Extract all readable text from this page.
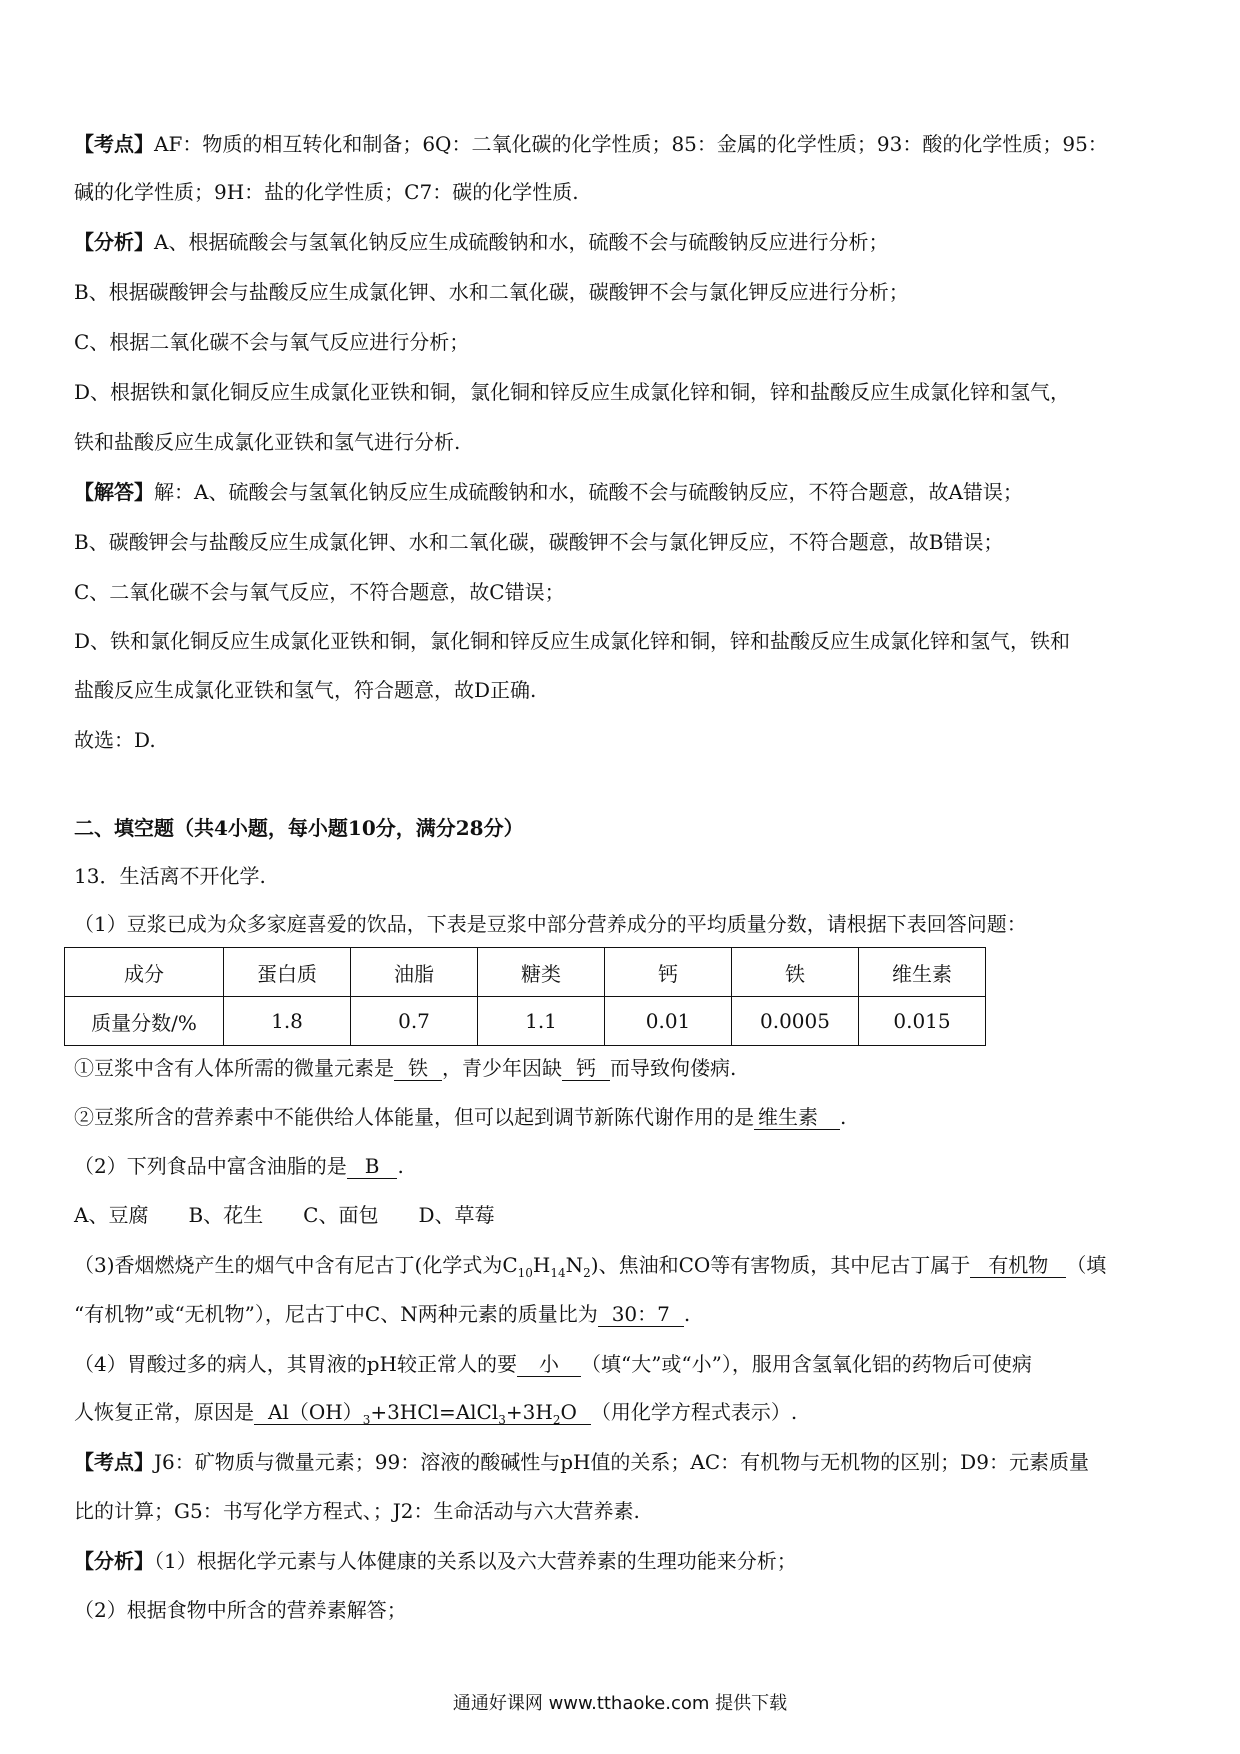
【考点】AF：物质的相互转化和制备；6Q：二氧化碳的化学性质；85：金属的化学性质；93：酸的化学性质；95：
碱的化学性质；9H：盐的化学性质；C7：碳的化学性质.
【分析】A、根据硫酸会与氢氧化钠反应生成硫酸钠和水，硫酸不会与硫酸钠反应进行分析；
B、根据碳酸钾会与盐酸反应生成氯化钾、水和二氧化碳，碳酸钾不会与氯化钾反应进行分析；
C、根据二氧化碳不会与氧气反应进行分析；
D、根据铁和氯化铜反应生成氯化亚铁和铜，氯化铜和锌反应生成氯化锌和铜，锌和盐酸反应生成氯化锌和氢气，
铁和盐酸反应生成氯化亚铁和氢气进行分析.
【解答】解：A、硫酸会与氢氧化钠反应生成硫酸钠和水，硫酸不会与硫酸钠反应，不符合题意，故A错误；
B、碳酸钾会与盐酸反应生成氯化钾、水和二氧化碳，碳酸钾不会与氯化钾反应，不符合题意，故B错误；
C、二氧化碳不会与氧气反应，不符合题意，故C错误；
D、铁和氯化铜反应生成氯化亚铁和铜，氯化铜和锌反应生成氯化锌和铜，锌和盐酸反应生成氯化锌和氢气，铁和
盐酸反应生成氯化亚铁和氢气，符合题意，故D正确.
故选：D.
二、填空题（共4小题，每小题10分，满分28分）
13．生活离不开化学.
（1）豆浆已成为众多家庭喜爱的饮品，下表是豆浆中部分营养成分的平均质量分数，请根据下表回答问题：
成分	蛋白质	油脂	糖类	钙	铁	维生素
质量分数/%	1.8	0.7	1.1	0.01	0.0005	0.015
①豆浆中含有人体所需的微量元素是 铁 ，青少年因缺 钙 而导致佝偻病.
②豆浆所含的营养素中不能供给人体能量，但可以起到调节新陈代谢作用的是 维生素 .
（2）下列食品中富含油脂的是 B .
A、豆腐　　B、花生　　C、面包　　D、草莓
（3)香烟燃烧产生的烟气中含有尼古丁(化学式为$C_{10}H_{14}N_2$)、焦油和CO等有害物质，其中尼古丁属于 有机物 （填
“有机物”或“无机物”），尼古丁中C、N两种元素的质量比为 30：7 .
（4）胃酸过多的病人，其胃液的pH较正常人的要 小 （填“大”或“小”），服用含氢氧化铝的药物后可使病
人恢复正常，原因是 $Al(OH)_3+3HCl=AlCl_3+3H_2O$ （用化学方程式表示）.
【考点】J6：矿物质与微量元素；99：溶液的酸碱性与pH值的关系；AC：有机物与无机物的区别；D9：元素质量
比的计算；G5：书写化学方程式、；J2：生命活动与六大营养素.
【分析】（1）根据化学元素与人体健康的关系以及六大营养素的生理功能来分析；
（2）根据食物中所含的营养素解答；
通通好课网 www.tthaoke.com 提供下载
